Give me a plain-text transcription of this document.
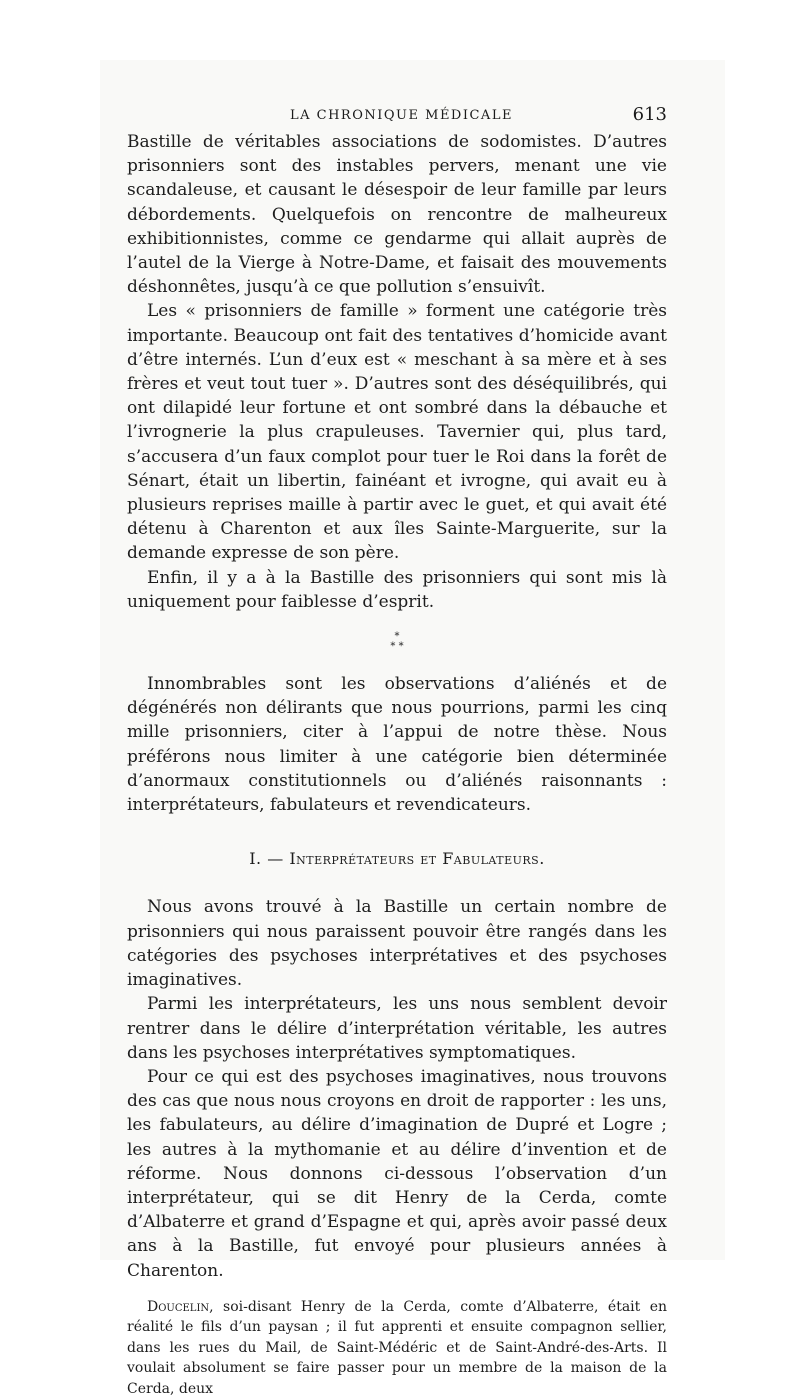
LA CHRONIQUE MÉDICALE	613

Bastille de véritables associations de sodomistes. D’autres prisonniers sont des instables pervers, menant une vie scandaleuse, et causant le désespoir de leur famille par leurs débordements. Quelquefois on rencontre de malheureux exhibitionnistes, comme ce gendarme qui allait auprès de l’autel de la Vierge à Notre-Dame, et faisait des mouvements déshonnêtes, jusqu’à ce que pollution s’ensuivît.

Les « prisonniers de famille » forment une catégorie très importante. Beaucoup ont fait des tentatives d’homicide avant d’être internés. L’un d’eux est « meschant à sa mère et à ses frères et veut tout tuer ». D’autres sont des déséquilibrés, qui ont dilapidé leur fortune et ont sombré dans la débauche et l’ivrognerie la plus crapuleuses. Tavernier qui, plus tard, s’accusera d’un faux complot pour tuer le Roi dans la forêt de Sénart, était un libertin, fainéant et ivrogne, qui avait eu à plusieurs reprises maille à partir avec le guet, et qui avait été détenu à Charenton et aux îles Sainte-Marguerite, sur la demande expresse de son père.

Enfin, il y a à la Bastille des prisonniers qui sont mis là uniquement pour faiblesse d’esprit.

*
* *

Innombrables sont les observations d’aliénés et de dégénérés non délirants que nous pourrions, parmi les cinq mille prisonniers, citer à l’appui de notre thèse. Nous préférons nous limiter à une catégorie bien déterminée d’anormaux constitutionnels ou d’aliénés raisonnants : interprétateurs, fabulateurs et revendicateurs.

I. — Interprétateurs et Fabulateurs.

Nous avons trouvé à la Bastille un certain nombre de prisonniers qui nous paraissent pouvoir être rangés dans les catégories des psychoses interprétatives et des psychoses imaginatives.

Parmi les interprétateurs, les uns nous semblent devoir rentrer dans le délire d’interprétation véritable, les autres dans les psychoses interprétatives symptomatiques.

Pour ce qui est des psychoses imaginatives, nous trouvons des cas que nous nous croyons en droit de rapporter : les uns, les fabulateurs, au délire d’imagination de Dupré et Logre ; les autres à la mythomanie et au délire d’invention et de réforme. Nous donnons ci-dessous l’observation d’un interprétateur, qui se dit Henry de la Cerda, comte d’Albaterre et grand d’Espagne et qui, après avoir passé deux ans à la Bastille, fut envoyé pour plusieurs années à Charenton.

Doucelin, soi-disant Henry de la Cerda, comte d’Albaterre, était en réalité le fils d’un paysan ; il fut apprenti et ensuite compagnon sellier, dans les rues du Mail, de Saint-Médéric et de Saint-André-des-Arts. Il voulait absolument se faire passer pour un membre de la maison de la Cerda, deux
